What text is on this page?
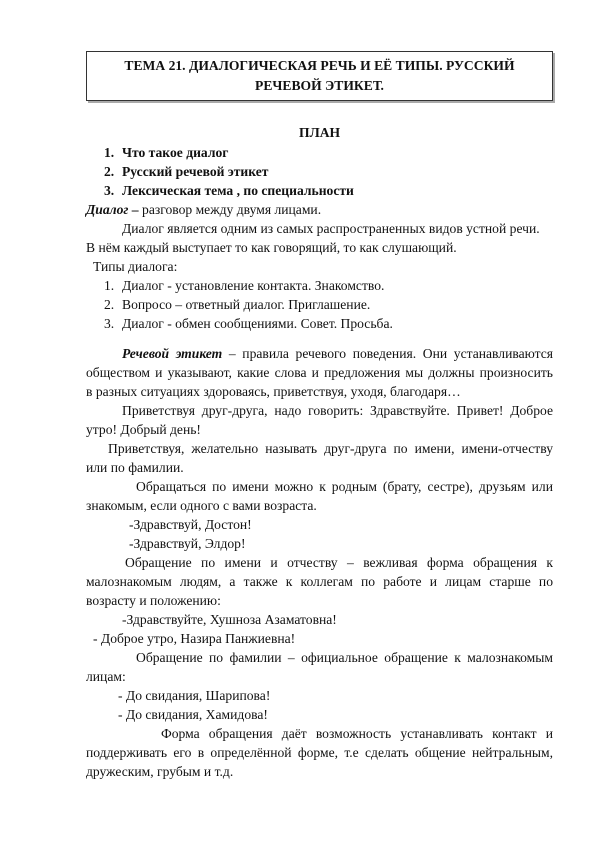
ТЕМА 21. ДИАЛОГИЧЕСКАЯ РЕЧЬ И ЕЁ ТИПЫ. РУССКИЙ
РЕЧЕВОЙ ЭТИКЕТ.
ПЛАН
1. Что такое диалог
2. Русский речевой этикет
3. Лексическая тема , по специальности
Диалог – разговор между двумя лицами.
Диалог является одним из самых распространенных видов устной речи.
В нём каждый выступает то как говорящий, то как слушающий.
Типы диалога:
1. Диалог - установление контакта. Знакомство.
2. Вопросо – ответный диалог. Приглашение.
3. Диалог - обмен сообщениями. Совет. Просьба.
Речевой этикет – правила речевого поведения. Они устанавливаются
обществом и указывают, какие слова и предложения мы должны произносить
в разных ситуациях здороваясь, приветствуя, уходя, благодаря…
Приветствуя друг-друга, надо говорить: Здравствуйте. Привет! Доброе
утро! Добрый день!
Приветствуя, желательно называть друг-друга по имени, имени-отчеству
или по фамилии.
Обращаться по имени можно к родным (брату, сестре), друзьям или
знакомым, если одного с вами возраста.
-Здравствуй, Достон!
-Здравствуй, Элдор!
Обращение по имени и отчеству – вежливая форма обращения к
малознакомым людям, а также к коллегам по работе и лицам старше по
возрасту и положению:
-Здравствуйте, Хушноза Азаматовна!
- Доброе утро, Назира Панжиевна!
Обращение по фамилии – официальное обращение к малознакомым
лицам:
- До свидания, Шарипова!
- До свидания, Хамидова!
Форма обращения даёт возможность устанавливать контакт и
поддерживать его в определённой форме, т.е сделать общение нейтральным,
дружеским, грубым и т.д.
